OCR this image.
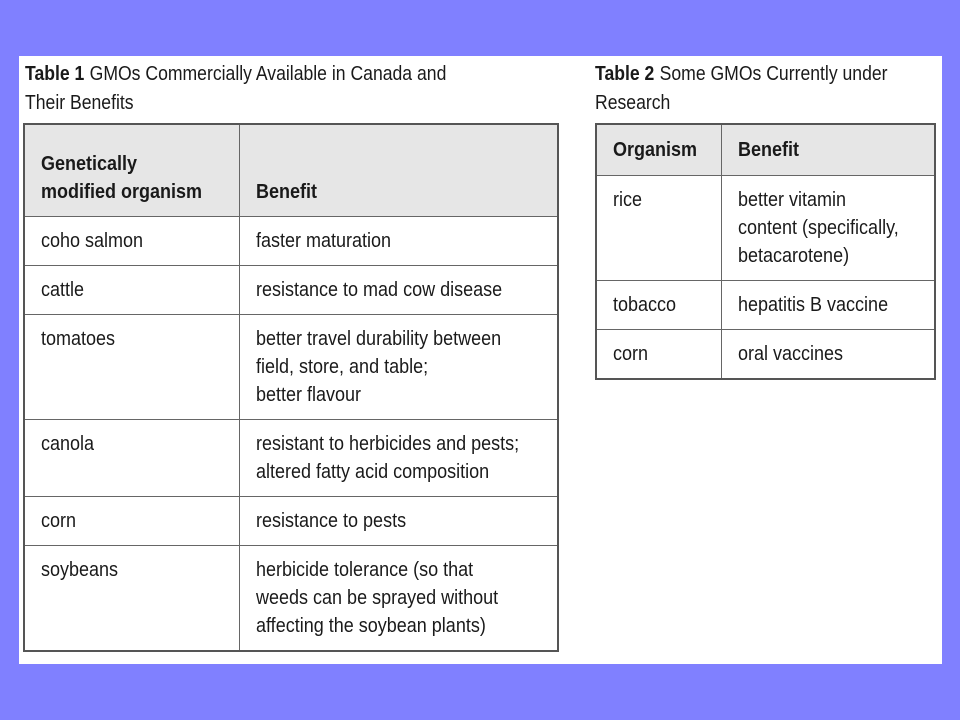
Table 1 GMOs Commercially Available in Canada and
Their Benefits
Table 2 Some GMOs Currently under
Research
Genetically
modified organism	Benefit

coho salmon	faster maturation

cattle	resistance to mad cow disease

tomatoes	better travel durability between
field, store, and table;
better flavour

canola	resistant to herbicides and pests;
altered fatty acid composition

corn	resistance to pests

soybeans	herbicide tolerance (so that
weeds can be sprayed without
affecting the soybean plants)
Organism	Benefit

rice	better vitamin
content (specifically,
betacarotene)

tobacco	hepatitis B vaccine

corn	oral vaccines
